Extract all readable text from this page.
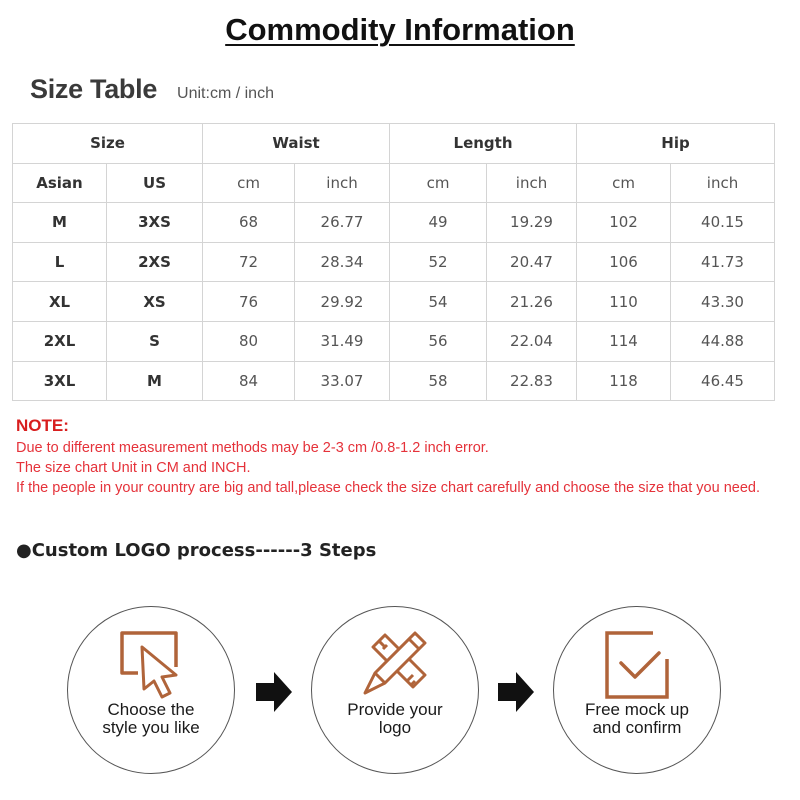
Commodity Information
Size Table Unit:cm / inch
Size		Waist		Length		Hip	
Asian	US	cm	inch	cm	inch	cm	inch
M	3XS	68	26.77	49	19.29	102	40.15
L	2XS	72	28.34	52	20.47	106	41.73
XL	XS	76	29.92	54	21.26	110	43.30
2XL	S	80	31.49	56	22.04	114	44.88
3XL	M	84	33.07	58	22.83	118	46.45
NOTE:
Due to different measurement methods may be 2-3 cm /0.8-1.2 inch error.
The size chart Unit in CM and INCH.
If the people in your country are big and tall,please check the size chart carefully and choose the size that you need.
●Custom LOGO process------3 Steps
Choose the
style you like
Provide your
logo
Free mock up
and confirm
